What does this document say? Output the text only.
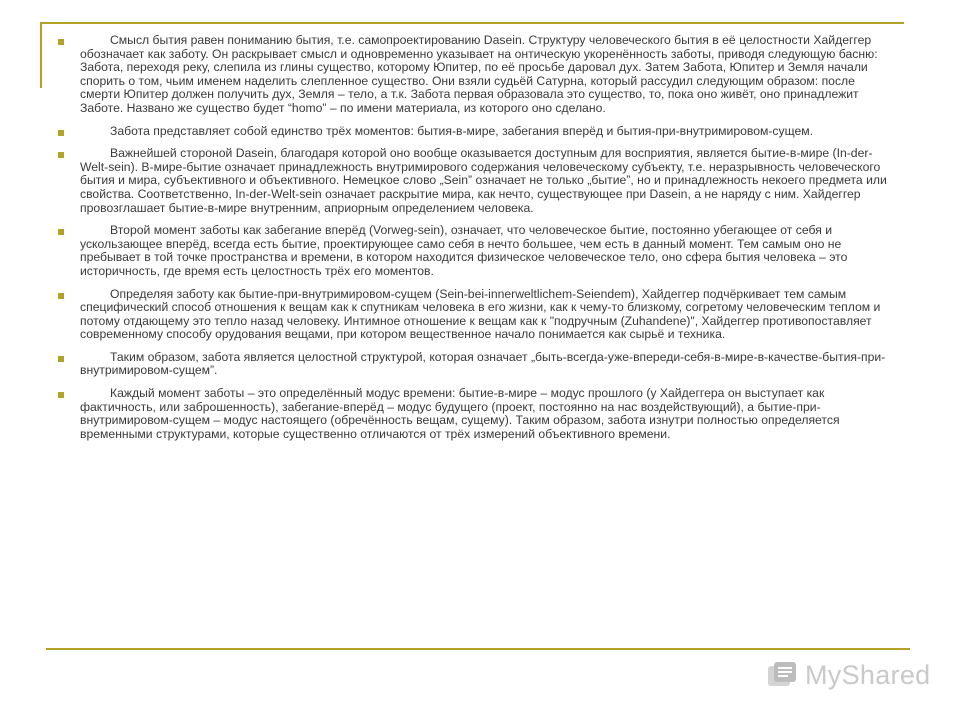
Смысл бытия равен пониманию бытия, т.е. самопроектированию Dasein. Структуру человеческого бытия в её целостности Хайдеггер обозначает как заботу. Он раскрывает смысл и одновременно указывает на онтическую укоренённость заботы, приводя следующую басню: Забота, переходя реку, слепила из глины существо, которому Юпитер, по её просьбе даровал дух. Затем Забота, Юпитер и Земля начали спорить о том, чьим именем наделить слепленное существо. Они взяли судьёй Сатурна, который рассудил следующим образом: после смерти Юпитер должен получить дух, Земля – тело, а т.к. Забота первая образовала это существо, то, пока оно живёт, оно принадлежит Заботе. Названо же существо будет “homo” – по имени материала, из которого оно сделано.
Забота представляет собой единство трёх моментов: бытия-в-мире, забегания вперёд и бытия-при-внутримировом-сущем.
Важнейшей стороной Dasein, благодаря которой оно вообще оказывается доступным для восприятия, является бытие-в-мире (In-der-Welt-sein). В-мире-бытие означает принадлежность внутримирового содержания человеческому субъекту, т.е. неразрывность человеческого бытия и мира, субъективного и объективного. Немецкое слово „Sein” означает не только „бытие”, но и принадлежность некоего предмета или свойства. Соответственно, In-der-Welt-sein означает раскрытие мира, как нечто, существующее при Dasein, а не наряду с ним. Хайдеггер провозглашает бытие-в-мире внутренним, априорным определением человека.
Второй момент заботы как забегание вперёд (Vorweg-sein), означает, что человеческое бытие, постоянно убегающее от себя и ускользающее вперёд, всегда есть бытие, проектирующее само себя в нечто большее, чем есть в данный момент. Тем самым оно не пребывает в той точке пространства и времени, в котором находится физическое человеческое тело, оно сфера бытия человека – это историчность, где время есть целостность трёх его моментов.
Определяя заботу как бытие-при-внутримировом-сущем (Sein-bei-innerweltlichem-Seiendem), Хайдеггер подчёркивает тем самым специфический способ отношения к вещам как к спутникам человека в его жизни, как к чему-то близкому, согретому человеческим теплом и потому отдающему это тепло назад человеку. Интимное отношение к вещам как к "подручным (Zuhandene)", Хайдеггер противопоставляет современному способу орудования вещами, при котором вещественное начало понимается как сырьё и техника.
Таким образом, забота является целостной структурой, которая означает „быть-всегда-уже-впереди-себя-в-мире-в-качестве-бытия-при-внутримировом-сущем”.
Каждый момент заботы – это определённый модус времени: бытие-в-мире – модус прошлого (у Хайдеггера он выступает как фактичность, или заброшенность), забегание-вперёд – модус будущего (проект, постоянно на нас воздействующий), а бытие-при-внутримировом-сущем – модус настоящего (обречённость вещам, сущему). Таким образом, забота изнутри полностью определяется временными структурами, которые существенно отличаются от трёх измерений объективного времени.
MyShared
